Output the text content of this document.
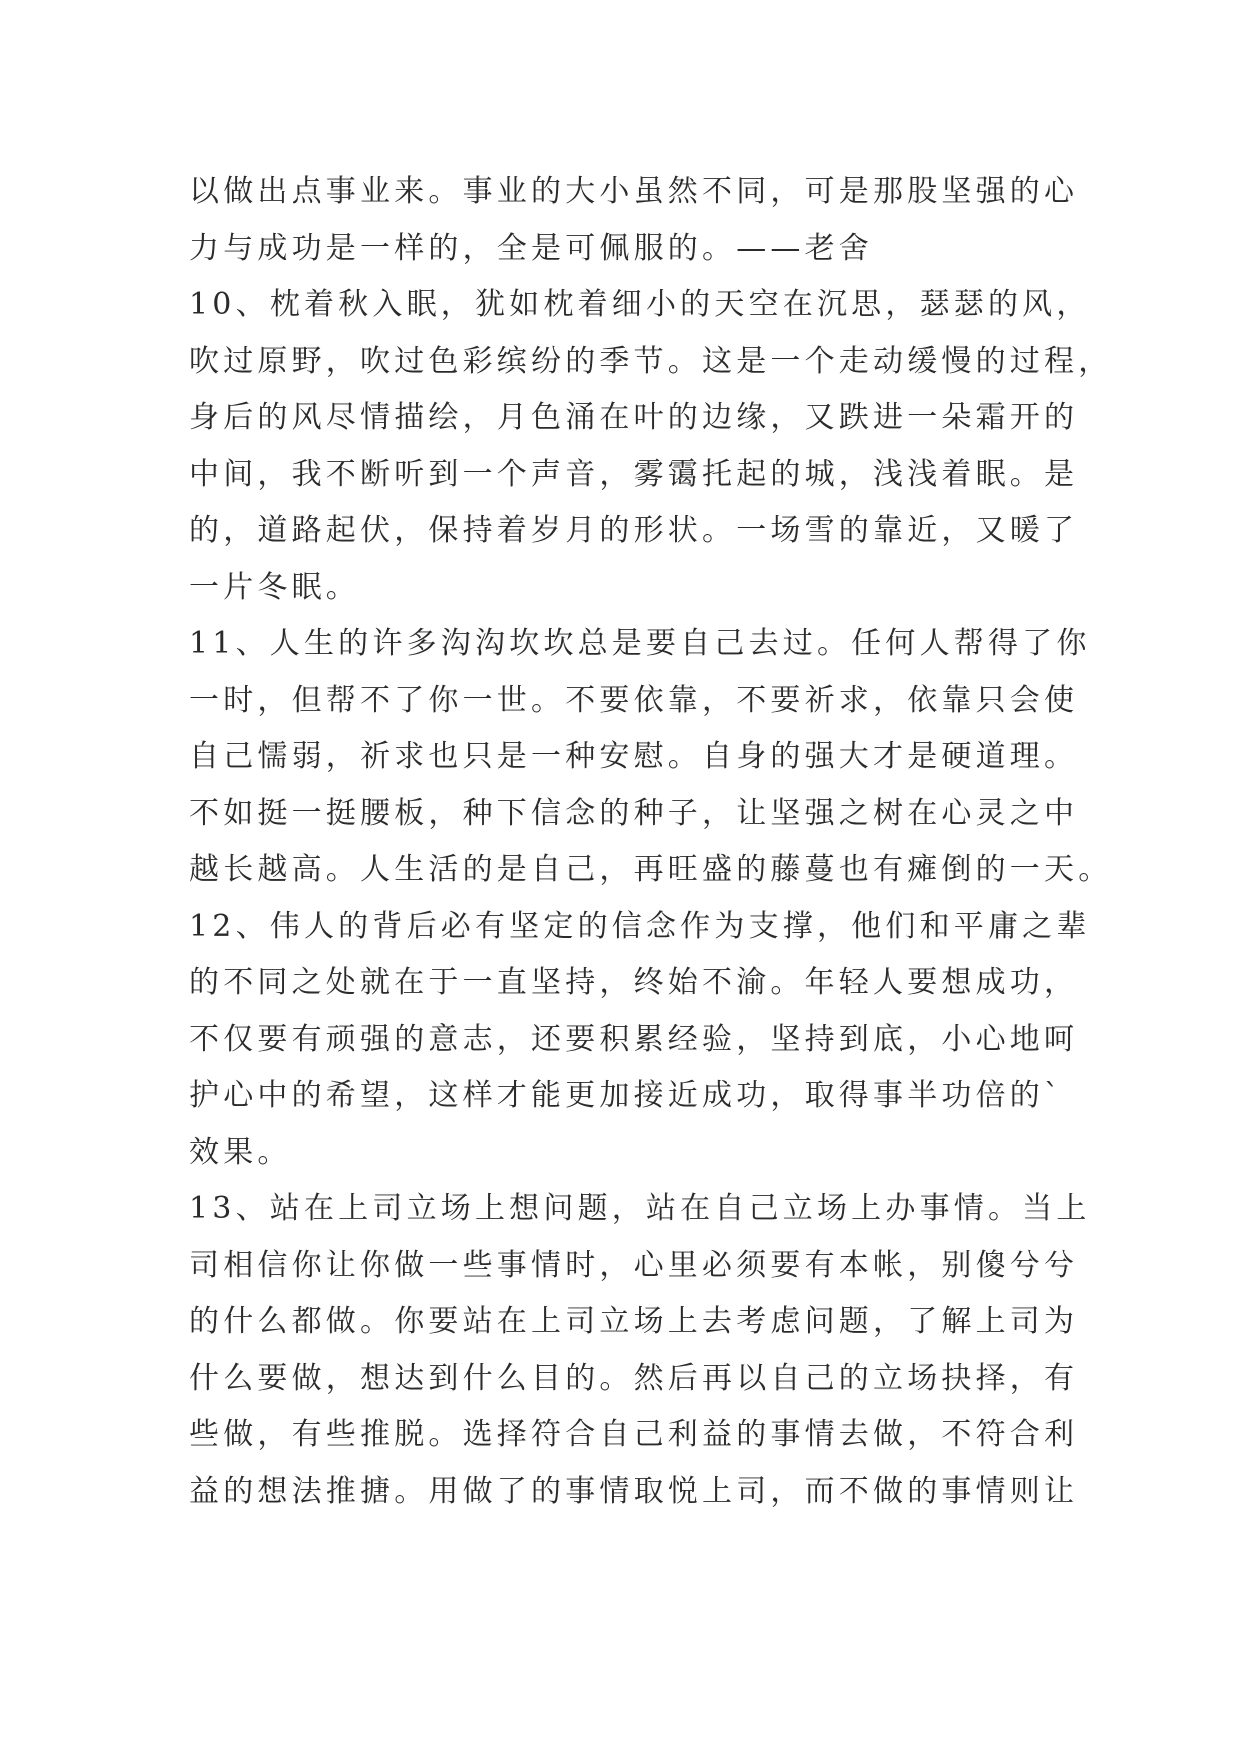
以做出点事业来。事业的大小虽然不同，可是那股坚强的心
力与成功是一样的，全是可佩服的。——老舍
10、枕着秋入眠，犹如枕着细小的天空在沉思，瑟瑟的风，
吹过原野，吹过色彩缤纷的季节。这是一个走动缓慢的过程，
身后的风尽情描绘，月色涌在叶的边缘，又跌进一朵霜开的
中间，我不断听到一个声音，雾霭托起的城，浅浅着眠。是
的，道路起伏，保持着岁月的形状。一场雪的靠近，又暖了
一片冬眠。
11、人生的许多沟沟坎坎总是要自己去过。任何人帮得了你
一时，但帮不了你一世。不要依靠，不要祈求，依靠只会使
自己懦弱，祈求也只是一种安慰。自身的强大才是硬道理。
不如挺一挺腰板，种下信念的种子，让坚强之树在心灵之中
越长越高。人生活的是自己，再旺盛的藤蔓也有瘫倒的一天。
12、伟人的背后必有坚定的信念作为支撑，他们和平庸之辈
的不同之处就在于一直坚持，终始不渝。年轻人要想成功，
不仅要有顽强的意志，还要积累经验，坚持到底，小心地呵
护心中的希望，这样才能更加接近成功，取得事半功倍的`
效果。
13、站在上司立场上想问题，站在自己立场上办事情。当上
司相信你让你做一些事情时，心里必须要有本帐，别傻兮兮
的什么都做。你要站在上司立场上去考虑问题，了解上司为
什么要做，想达到什么目的。然后再以自己的立场抉择，有
些做，有些推脱。选择符合自己利益的事情去做，不符合利
益的想法推搪。用做了的事情取悦上司，而不做的事情则让
